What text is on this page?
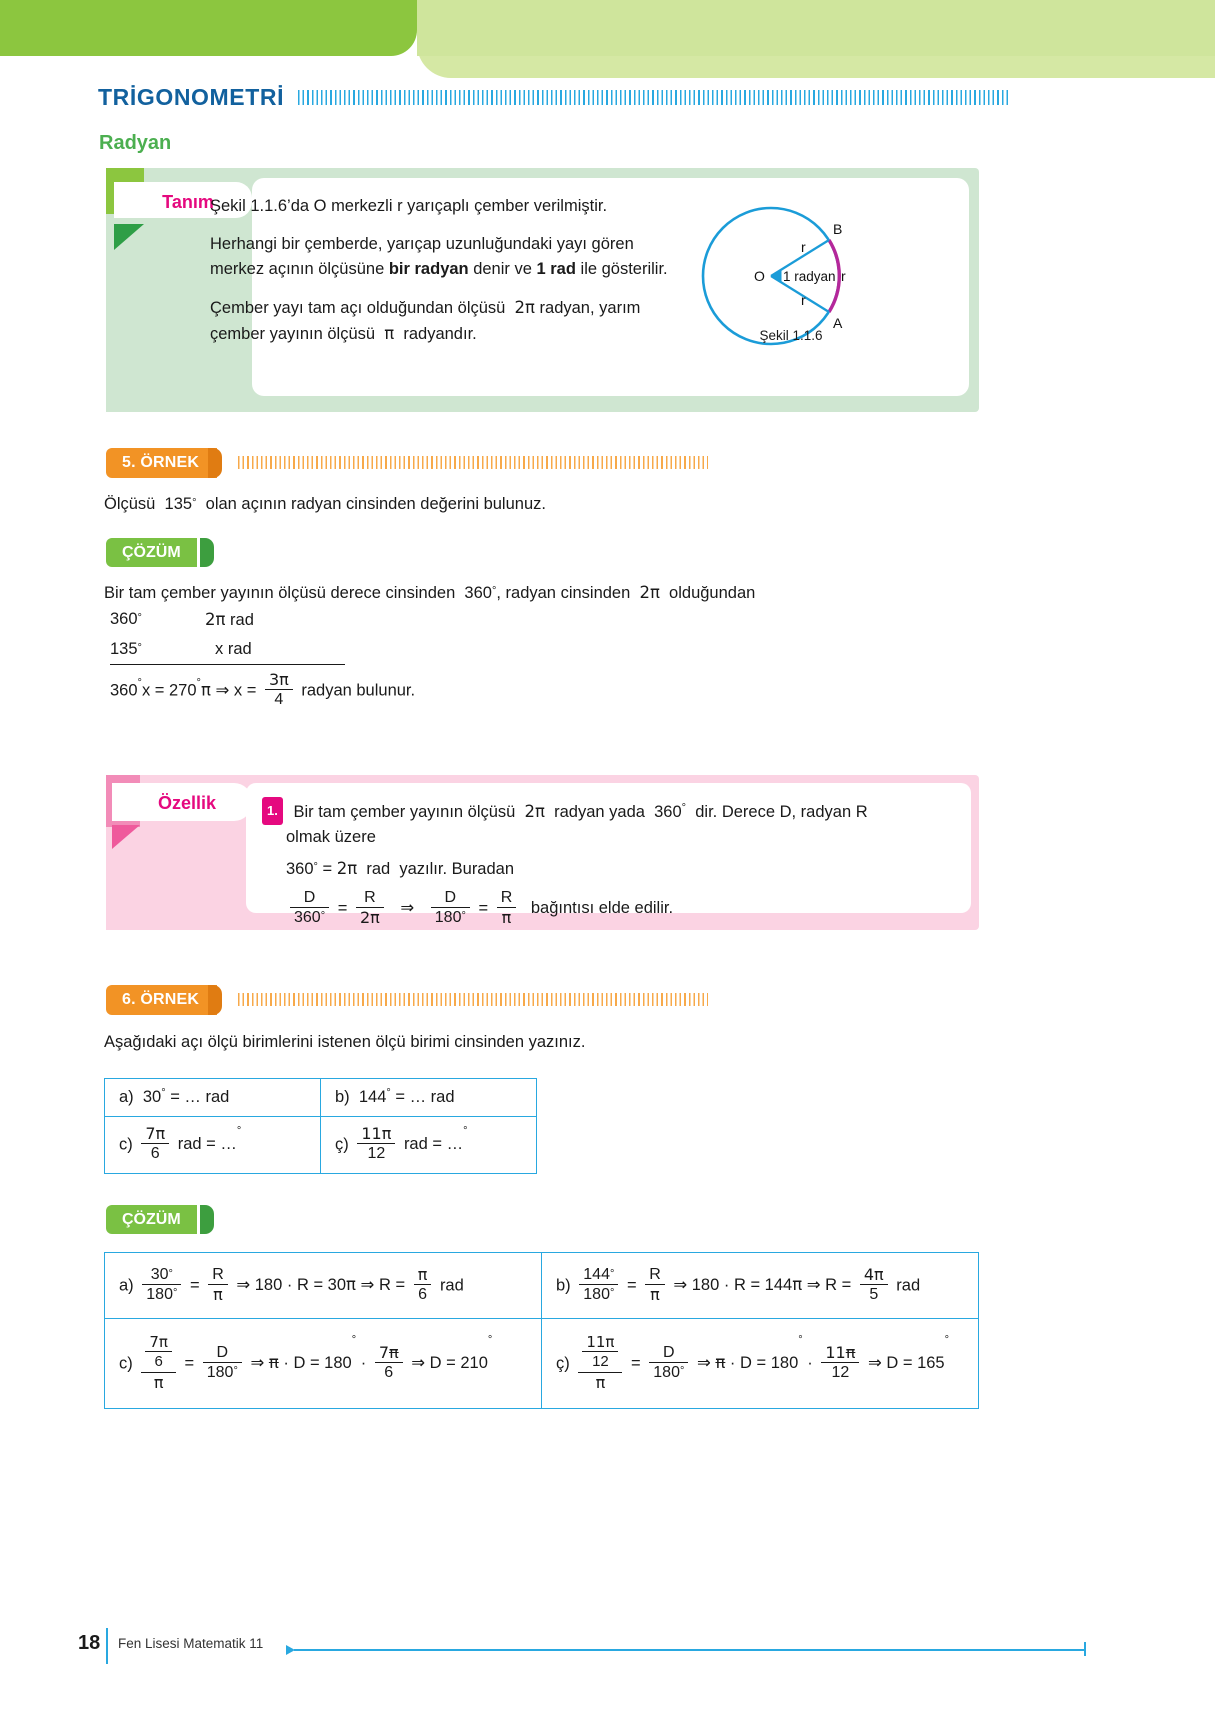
TRİGONOMETRİ
Radyan
Tanım

Şekil 1.1.6’da O merkezli r yarıçaplı çember verilmiştir.

Herhangi bir çemberde, yarıçap uzunluğundaki yayı gören merkez açının ölçüsüne bir radyan denir ve 1 rad ile gösterilir.

Çember yayı tam açı olduğundan ölçüsü  2π radyan, yarım çember yayının ölçüsü  π  radyandır.

O
r
r
r
1 radyan
B
A
Şekil 1.1.6
5. ÖRNEK
Ölçüsü  135°  olan açının radyan cinsinden değerini bulunuz.
ÇÖZÜM
Bir tam çember yayının ölçüsü derece cinsinden  360°, radyan cinsinden  2π  olduğundan
360°	2π rad
135°	x rad
360°x = 270°π ⇒ $x = \frac{3\pi}{4}$ radyan bulunur.
Özellik	1. Bir tam çember yayının ölçüsü  2π  radyan yada  360°  dir. Derece D, radyan R
olmak üzere
360° = 2π  rad  yazılır. Buradan
$\frac{D}{360^\circ} = \frac{R}{2\pi}$ ⇒ $\frac{D}{180^\circ} = \frac{R}{\pi}$ bağıntısı elde edilir.
6. ÖRNEK
Aşağıdaki açı ölçü birimlerini istenen ölçü birimi cinsinden yazınız.
a) 30° = … rad	b) 144° = … rad
$c) \frac{7\pi}{6}$ rad = …°	ç) $\frac{11\pi}{12}$ rad = …°
ÇÖZÜM
$a) \frac{30^\circ}{180^\circ} = \frac{R}{\pi}$ ⇒ 180 · R = 30π ⇒ $R = \frac{\pi}{6}$ rad	$b) \frac{144^\circ}{180^\circ} = \frac{R}{\pi}$ ⇒ 180 · R = 144π ⇒ $R = \frac{4\pi}{5}$ rad
$c) \frac{\frac{7\pi}{6}}{\pi} = \frac{D}{180^\circ}$ ⇒ $\pi \cdot D = 180^\circ \cdot \frac{7\pi}{6}$ ⇒ D = 210°	ç) $\frac{\frac{11\pi}{12}}{\pi} = \frac{D}{180^\circ}$ ⇒ $\pi \cdot D = 180^\circ \cdot \frac{11\pi}{12}$ ⇒ D = 165°
18 Fen Lisesi Matematik 11
